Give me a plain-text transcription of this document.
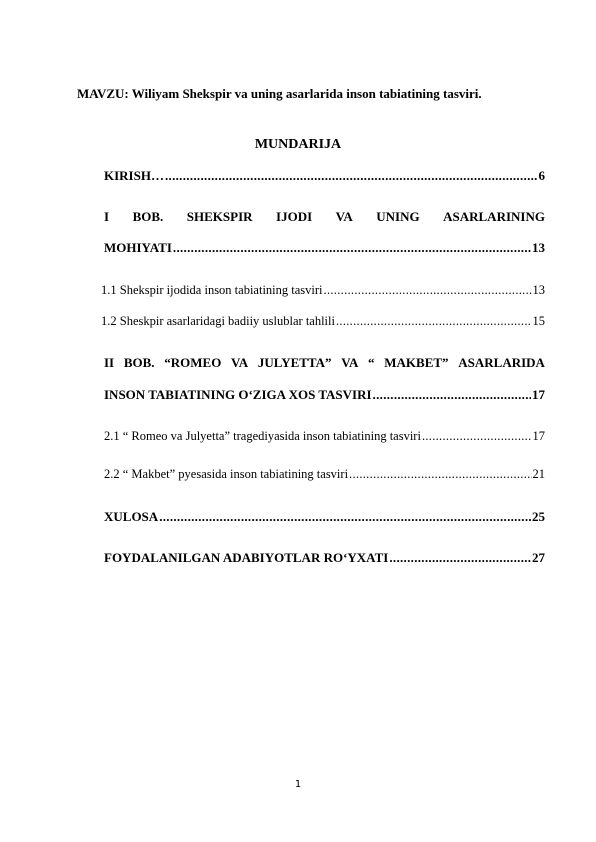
MAVZU: Wiliyam Shekspir va uning asarlarida inson tabiatining tasviri.
MUNDARIJA
KIRISH… .....	6
I BOB. SHEKSPIR IJODI VA UNING ASARLARINING
MOHIYATI .....	13
1.1 Shekspir ijodida inson tabiatining tasviri .....	13
1.2 Sheskpir asarlaridagi badiiy uslublar tahlili .....	15
II BOB. “ROMEO VA JULYETTA” VA “ MAKBET” ASARLARIDA
INSON TABIATINING O‘ZIGA XOS TASVIRI .....	17
2.1 “ Romeo va Julyetta” tragediyasida inson tabiatining tasviri .....	17
2.2 “ Makbet” pyesasida inson tabiatining tasviri .....	21
XULOSA .....	25
FOYDALANILGAN ADABIYOTLAR RO‘YXATI .....	27
1
